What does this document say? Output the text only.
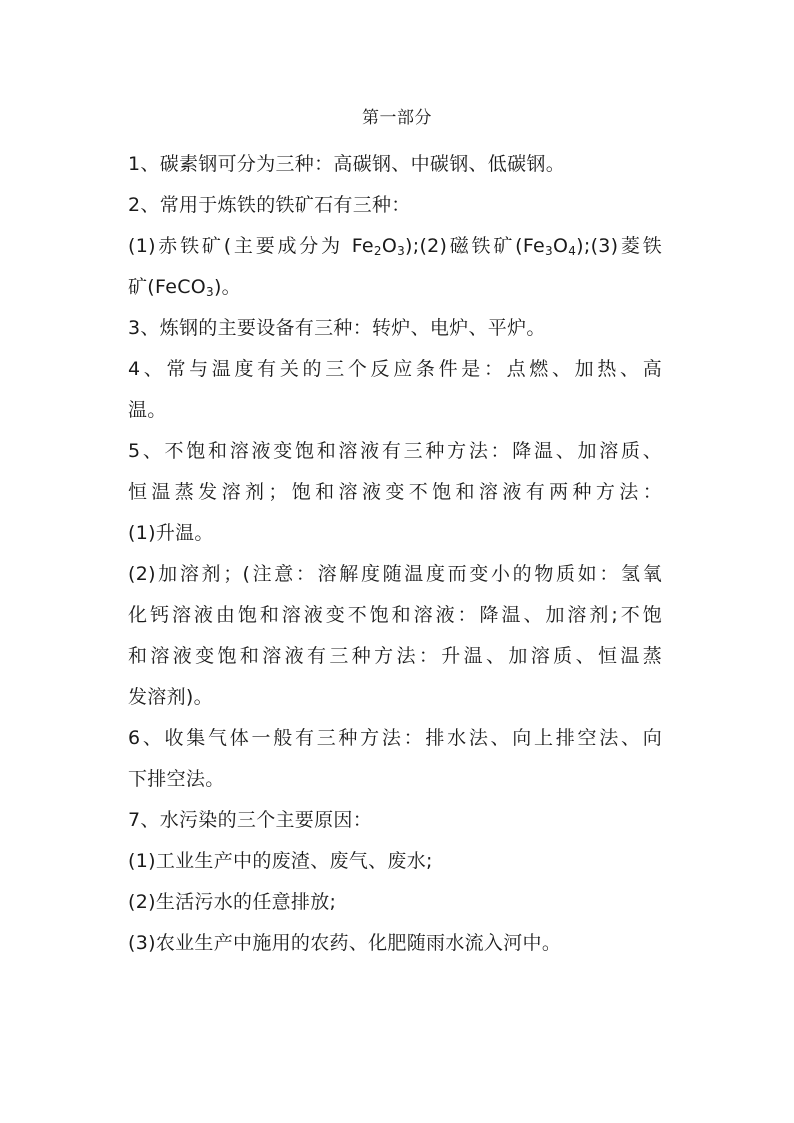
第一部分
1、碳素钢可分为三种：高碳钢、中碳钢、低碳钢。
2、常用于炼铁的铁矿石有三种：
(1)赤铁矿(主要成分为 $Fe_2O_3);(2)$磁铁矿$(Fe_3O_4);(3)$菱铁
矿(FeCO$_3$)。
3、炼钢的主要设备有三种：转炉、电炉、平炉。
4、常与温度有关的三个反应条件是：点燃、加热、高
温。
5、不饱和溶液变饱和溶液有三种方法：降温、加溶质、
恒温蒸发溶剂；饱和溶液变不饱和溶液有两种方法：
(1)升温。
(2)加溶剂；(注意：溶解度随温度而变小的物质如：氢氧
化钙溶液由饱和溶液变不饱和溶液：降温、加溶剂;不饱
和溶液变饱和溶液有三种方法：升温、加溶质、恒温蒸
发溶剂)。
6、收集气体一般有三种方法：排水法、向上排空法、向
下排空法。
7、水污染的三个主要原因：
(1)工业生产中的废渣、废气、废水;
(2)生活污水的任意排放;
(3)农业生产中施用的农药、化肥随雨水流入河中。
